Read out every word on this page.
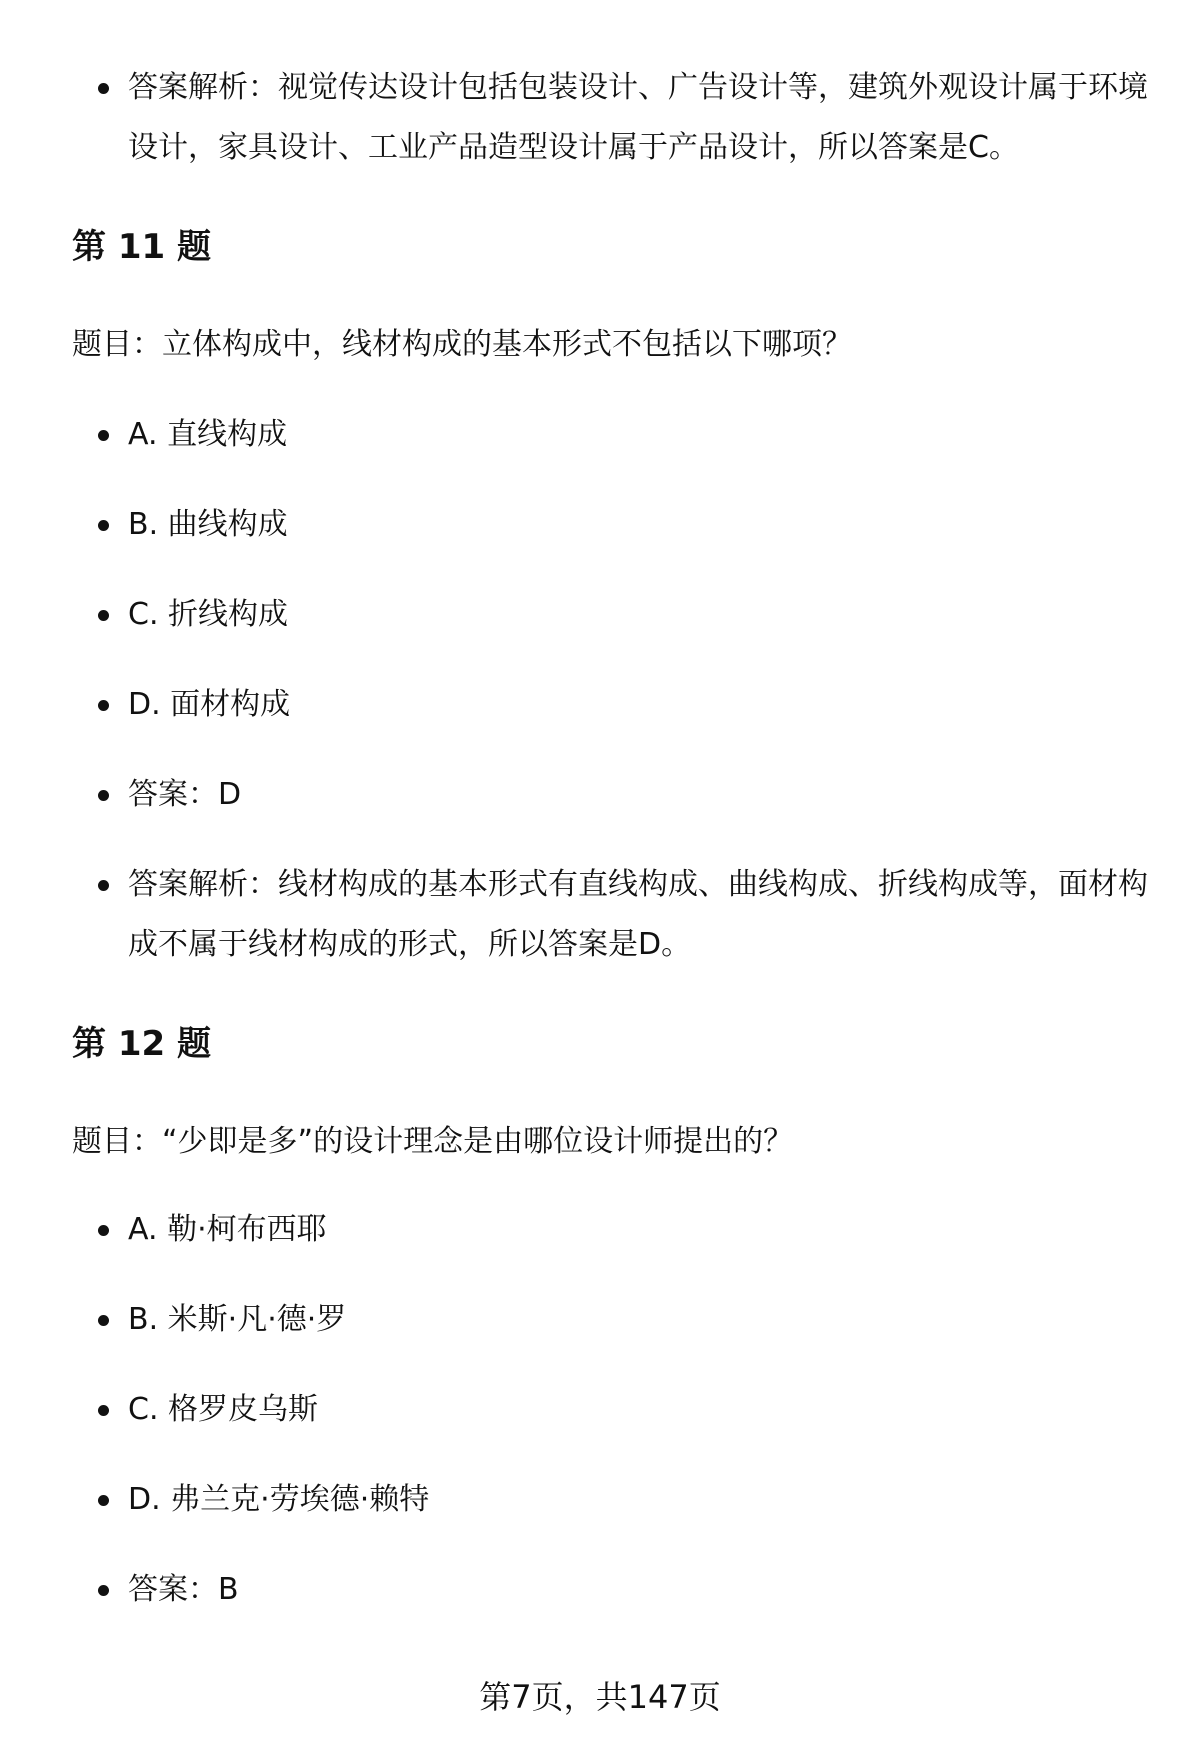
答案解析：视觉传达设计包括包装设计、广告设计等，建筑外观设计属于环境设计，家具设计、工业产品造型设计属于产品设计，所以答案是C。

第 11 题

题目：立体构成中，线材构成的基本形式不包括以下哪项？

A. 直线构成

B. 曲线构成

C. 折线构成

D. 面材构成

答案：D

答案解析：线材构成的基本形式有直线构成、曲线构成、折线构成等，面材构成不属于线材构成的形式，所以答案是D。

第 12 题

题目：“少即是多”的设计理念是由哪位设计师提出的？

A. 勒·柯布西耶

B. 米斯·凡·德·罗

C. 格罗皮乌斯

D. 弗兰克·劳埃德·赖特

答案：B

第7页，共147页
